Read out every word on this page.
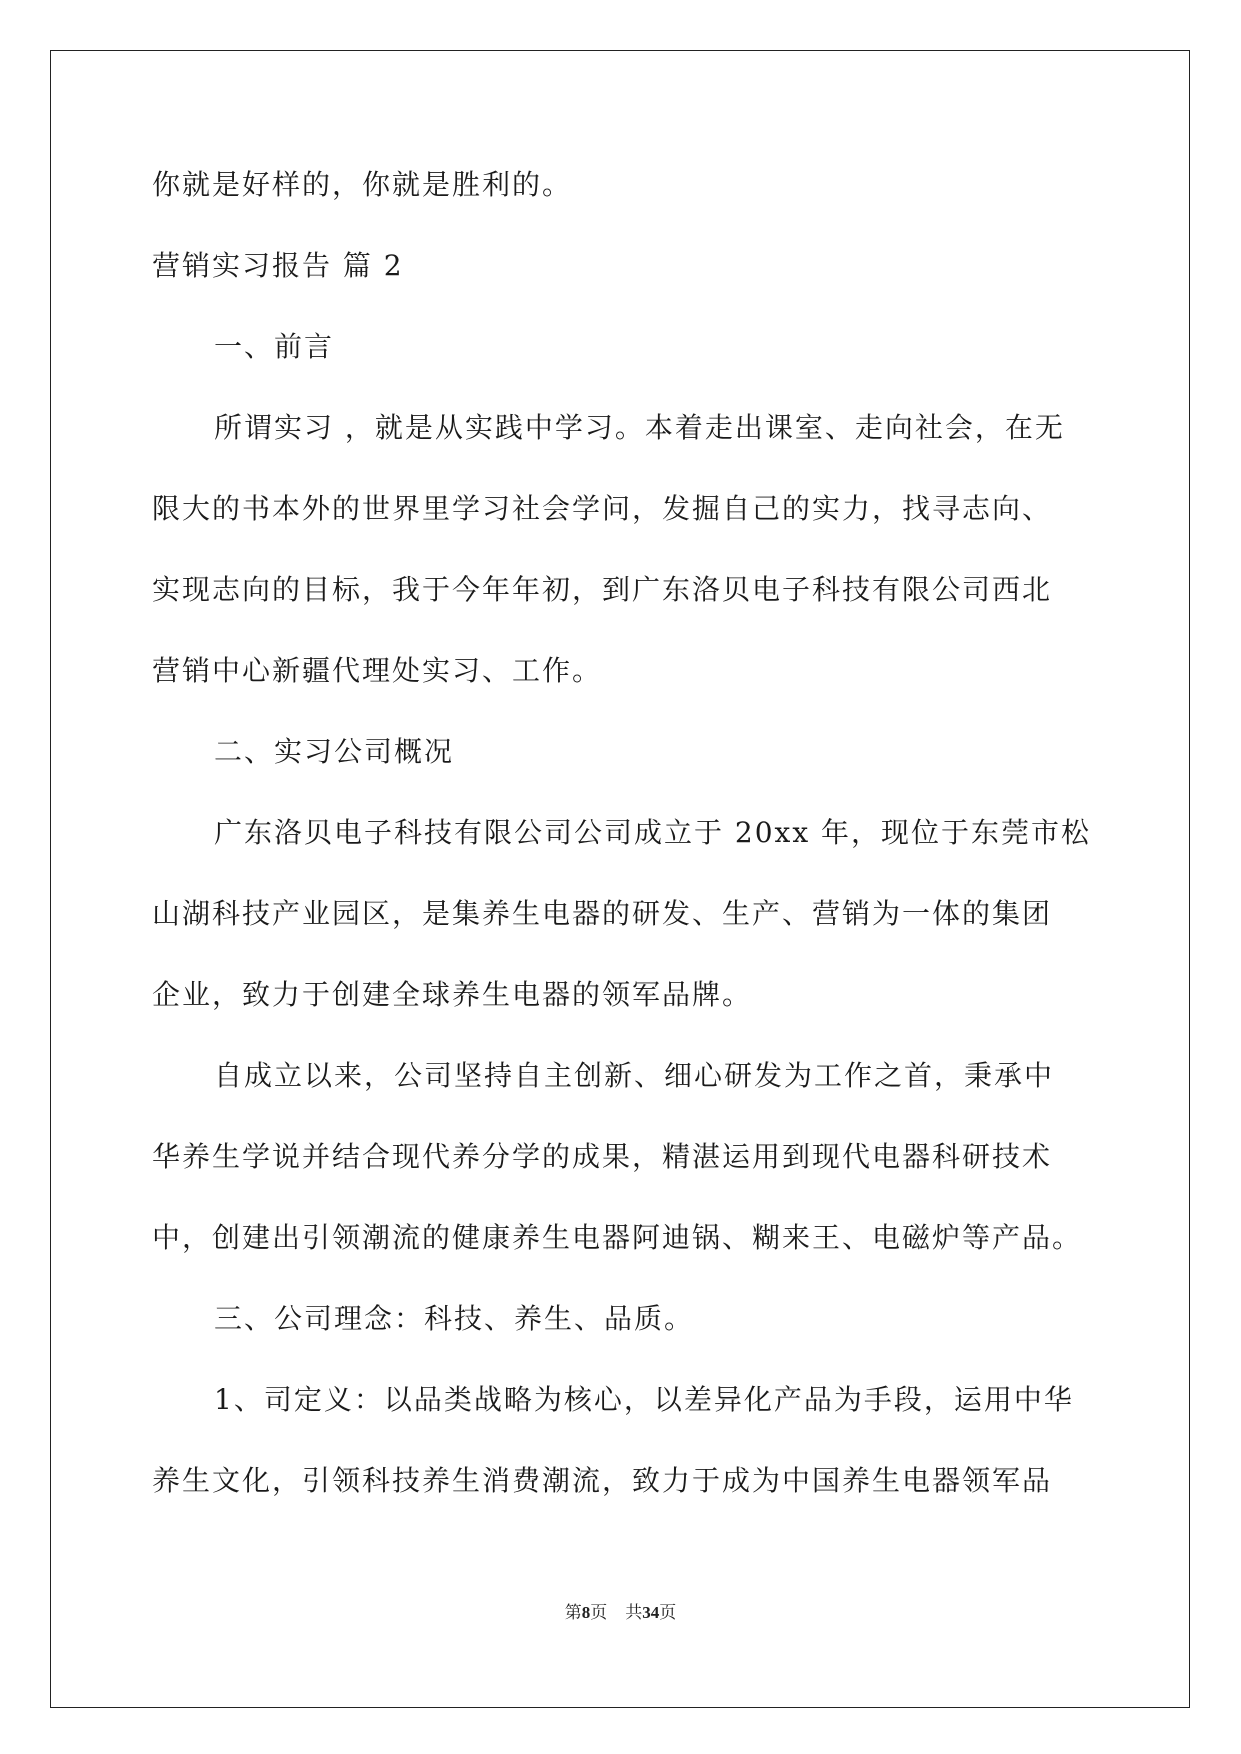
你就是好样的，你就是胜利的。
营销实习报告 篇 2
一、前言
所谓实习 ，就是从实践中学习。本着走出课室、走向社会，在无
限大的书本外的世界里学习社会学问，发掘自己的实力，找寻志向、
实现志向的目标，我于今年年初，到广东洛贝电子科技有限公司西北
营销中心新疆代理处实习、工作。
二、实习公司概况
广东洛贝电子科技有限公司公司成立于 20xx 年，现位于东莞市松
山湖科技产业园区，是集养生电器的研发、生产、营销为一体的集团
企业，致力于创建全球养生电器的领军品牌。
自成立以来，公司坚持自主创新、细心研发为工作之首，秉承中
华养生学说并结合现代养分学的成果，精湛运用到现代电器科研技术
中，创建出引领潮流的健康养生电器阿迪锅、糊来王、电磁炉等产品。
三、公司理念：科技、养生、品质。
1、司定义：以品类战略为核心，以差异化产品为手段，运用中华
养生文化，引领科技养生消费潮流，致力于成为中国养生电器领军品
第8页 共34页
